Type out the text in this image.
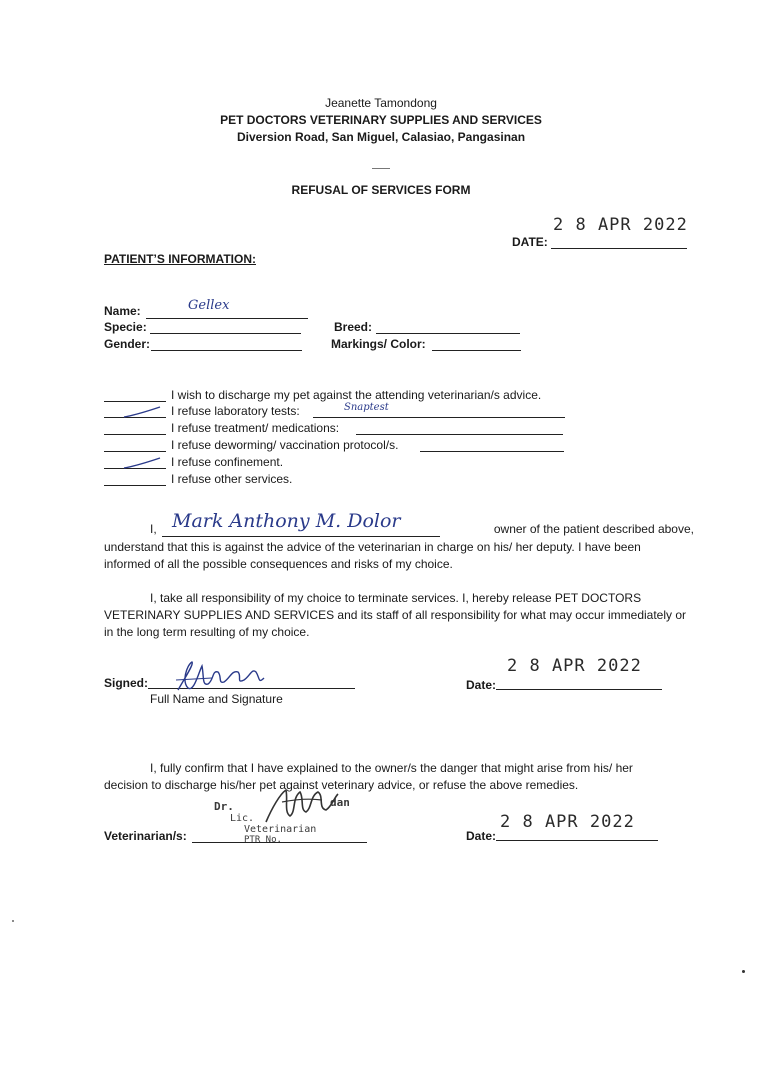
Jeanette Tamondong
PET DOCTORS VETERINARY SUPPLIES AND SERVICES
Diversion Road, San Miguel, Calasiao, Pangasinan
REFUSAL OF SERVICES FORM
2 8 APR 2022
DATE:
PATIENT’S INFORMATION:
Name:	Gellex
Specie:	Breed:
Gender:	Markings/ Color:
I wish to discharge my pet against the attending veterinarian/s advice.
I refuse laboratory tests:	Snaptest
I refuse treatment/ medications:
I refuse deworming/ vaccination protocol/s.
I refuse confinement.
I refuse other services.
I, Mark Anthony M. Dolor	owner of the patient described above,
understand that this is against the advice of the veterinarian in charge on his/ her deputy. I have been
informed of all the possible consequences and risks of my choice.
I, take all responsibility of my choice to terminate services. I, hereby release PET DOCTORS
VETERINARY SUPPLIES AND SERVICES and its staff of all responsibility for what may occur immediately or
in the long term resulting of my choice.
Signed:
Full Name and Signature
2 8 APR 2022
Date:
I, fully confirm that I have explained to the owner/s the danger that might arise from his/ her
decision to discharge his/her pet against veterinary advice, or refuse the above remedies.
Dr.	dan
Lic.
Veterinarian
PTR No.
Veterinarian/s:
2 8 APR 2022
Date:
